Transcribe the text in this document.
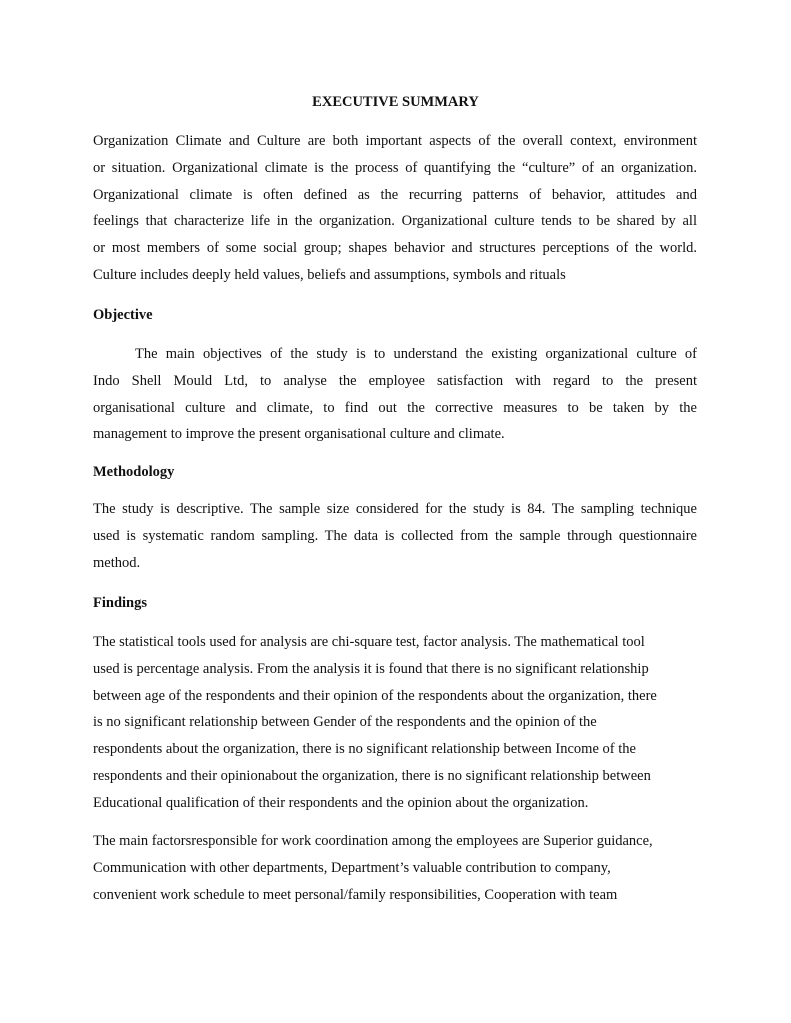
EXECUTIVE SUMMARY

Organization Climate and Culture are both important aspects of the overall context, environment
or situation. Organizational climate is the process of quantifying the “culture” of an organization.
Organizational climate is often defined as the recurring patterns of behavior, attitudes and
feelings that characterize life in the organization. Organizational culture tends to be shared by all
or most members of some social group; shapes behavior and structures perceptions of the world.
Culture includes deeply held values, beliefs and assumptions, symbols and rituals

Objective

The main objectives of the study is to understand the existing organizational culture of
Indo Shell Mould Ltd, to analyse the employee satisfaction with regard to the present
organisational culture and climate, to find out the corrective measures to be taken by the
management to improve the present organisational culture and climate.

Methodology

The study is descriptive. The sample size considered for the study is 84. The sampling technique
used is systematic random sampling. The data is collected from the sample through questionnaire
method.

Findings

The statistical tools used for analysis are chi-square test, factor analysis. The mathematical tool
used is percentage analysis. From the analysis it is found that there is no significant relationship
between age of the respondents and their opinion of the respondents about the organization, there
is no significant relationship between Gender of the respondents and the opinion of the
respondents about the organization, there is no significant relationship between Income of the
respondents and their opinionabout the organization, there is no significant relationship between
Educational qualification of their respondents and the opinion about the organization.

The main factorsresponsible for work coordination among the employees are Superior guidance,
Communication with other departments, Department’s valuable contribution to company,
convenient work schedule to meet personal/family responsibilities, Cooperation with team
